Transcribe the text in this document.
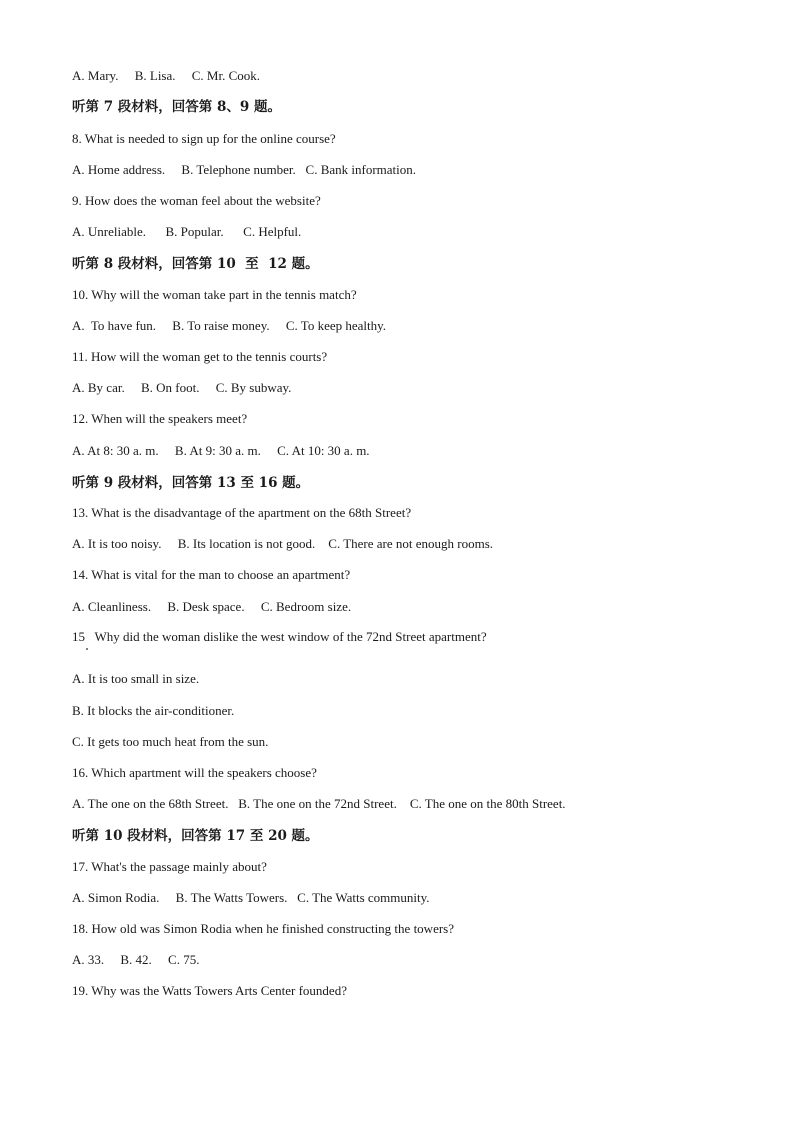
A. Mary.     B. Lisa.     C. Mr. Cook.
听第 7 段材料，回答第 8、9 题。
8. What is needed to sign up for the online course?
A. Home address.     B. Telephone number.   C. Bank information.
9. How does the woman feel about the website?
A. Unreliable.      B. Popular.      C. Helpful.
听第 8 段材料，回答第 10  至  12 题。
10. Why will the woman take part in the tennis match?
A.  To have fun.     B. To raise money.     C. To keep healthy.
11. How will the woman get to the tennis courts?
A. By car.     B. On foot.     C. By subway.
12. When will the speakers meet?
A. At 8: 30 a. m.     B. At 9: 30 a. m.     C. At 10: 30 a. m.
听第 9 段材料，回答第 13 至 16 题。
13. What is the disadvantage of the apartment on the 68th Street?
A. It is too noisy.     B. Its location is not good.    C. There are not enough rooms.
14. What is vital for the man to choose an apartment?
A. Cleanliness.     B. Desk space.     C. Bedroom size.
15   Why did the woman dislike the west window of the 72nd Street apartment?
A. It is too small in size.
B. It blocks the air-conditioner.
C. It gets too much heat from the sun.
16. Which apartment will the speakers choose?
A. The one on the 68th Street.   B. The one on the 72nd Street.    C. The one on the 80th Street.
听第 10 段材料，回答第 17 至 20 题。
17. What's the passage mainly about?
A. Simon Rodia.     B. The Watts Towers.   C. The Watts community.
18. How old was Simon Rodia when he finished constructing the towers?
A. 33.     B. 42.     C. 75.
19. Why was the Watts Towers Arts Center founded?
